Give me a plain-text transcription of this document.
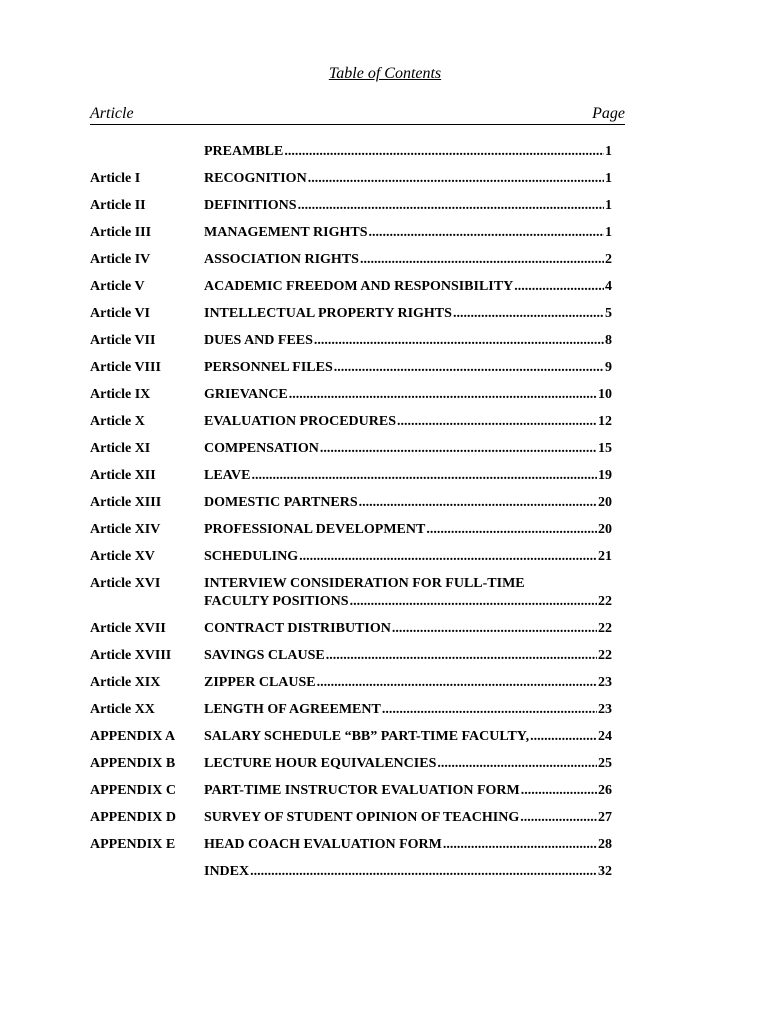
Table of Contents
Article	Page
PREAMBLE .....	1
Article I	RECOGNITION .....	1
Article II	DEFINITIONS .....	1
Article III	MANAGEMENT RIGHTS .....	1
Article IV	ASSOCIATION RIGHTS .....	2
Article V	ACADEMIC FREEDOM AND RESPONSIBILITY .....	4
Article VI	INTELLECTUAL PROPERTY RIGHTS .....	5
Article VII	DUES AND FEES .....	8
Article VIII	PERSONNEL FILES .....	9
Article IX	GRIEVANCE .....	10
Article X	EVALUATION PROCEDURES .....	12
Article XI	COMPENSATION .....	15
Article XII	LEAVE .....	19
Article XIII	DOMESTIC PARTNERS .....	20
Article XIV	PROFESSIONAL DEVELOPMENT .....	20
Article XV	SCHEDULING .....	21
Article XVI	INTERVIEW CONSIDERATION FOR FULL-TIME
FACULTY POSITIONS .....	22
Article XVII	CONTRACT DISTRIBUTION .....	22
Article XVIII	SAVINGS CLAUSE .....	22
Article XIX	ZIPPER CLAUSE .....	23
Article XX	LENGTH OF AGREEMENT .....	23
APPENDIX A	SALARY SCHEDULE “BB” PART-TIME FACULTY, .....	24
APPENDIX B	LECTURE HOUR EQUIVALENCIES .....	25
APPENDIX C	PART-TIME INSTRUCTOR EVALUATION FORM .....	26
APPENDIX D	SURVEY OF STUDENT OPINION OF TEACHING .....	27
APPENDIX E	HEAD COACH EVALUATION FORM .....	28
INDEX .....	32
